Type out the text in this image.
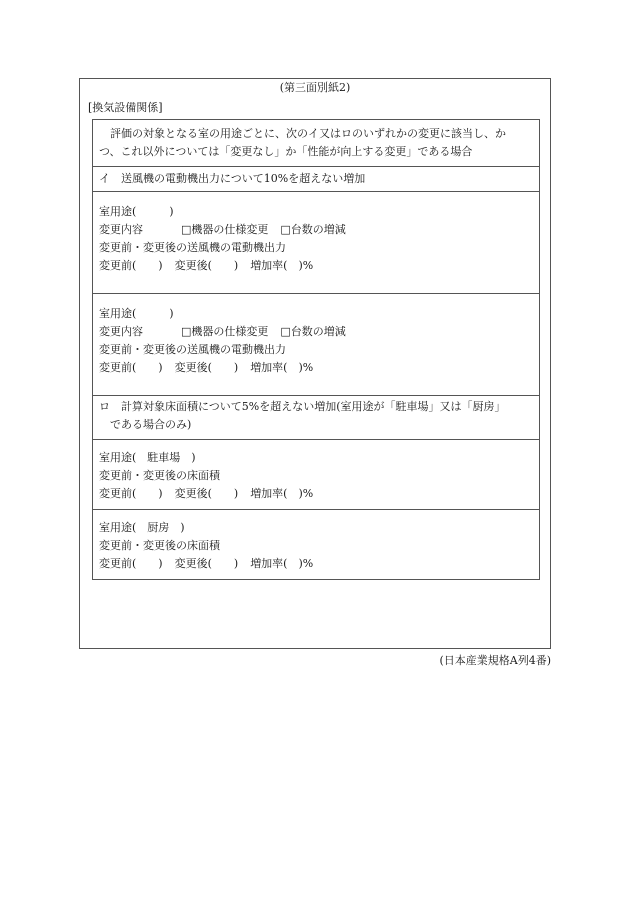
(第三面別紙2)
[換気設備関係]
評価の対象となる室の用途ごとに、次のイ又はロのいずれかの変更に該当し、か
つ、これ以外については「変更なし」か「性能が向上する変更」である場合
イ　送風機の電動機出力について10%を超えない増加
室用途(　　　)
変更内容	□機器の仕様変更 □台数の増減
変更前・変更後の送風機の電動機出力
変更前(　　) 変更後(　　) 増加率(　)%
室用途(　　　)
変更内容	□機器の仕様変更 □台数の増減
変更前・変更後の送風機の電動機出力
変更前(　　) 変更後(　　) 増加率(　)%
ロ　計算対象床面積について5%を超えない増加(室用途が「駐車場」又は「厨房」
である場合のみ)
室用途(　駐車場　)
変更前・変更後の床面積
変更前(　　) 変更後(　　) 増加率(　)%
室用途(　厨房　)
変更前・変更後の床面積
変更前(　　) 変更後(　　) 増加率(　)%
(日本産業規格A列4番)
